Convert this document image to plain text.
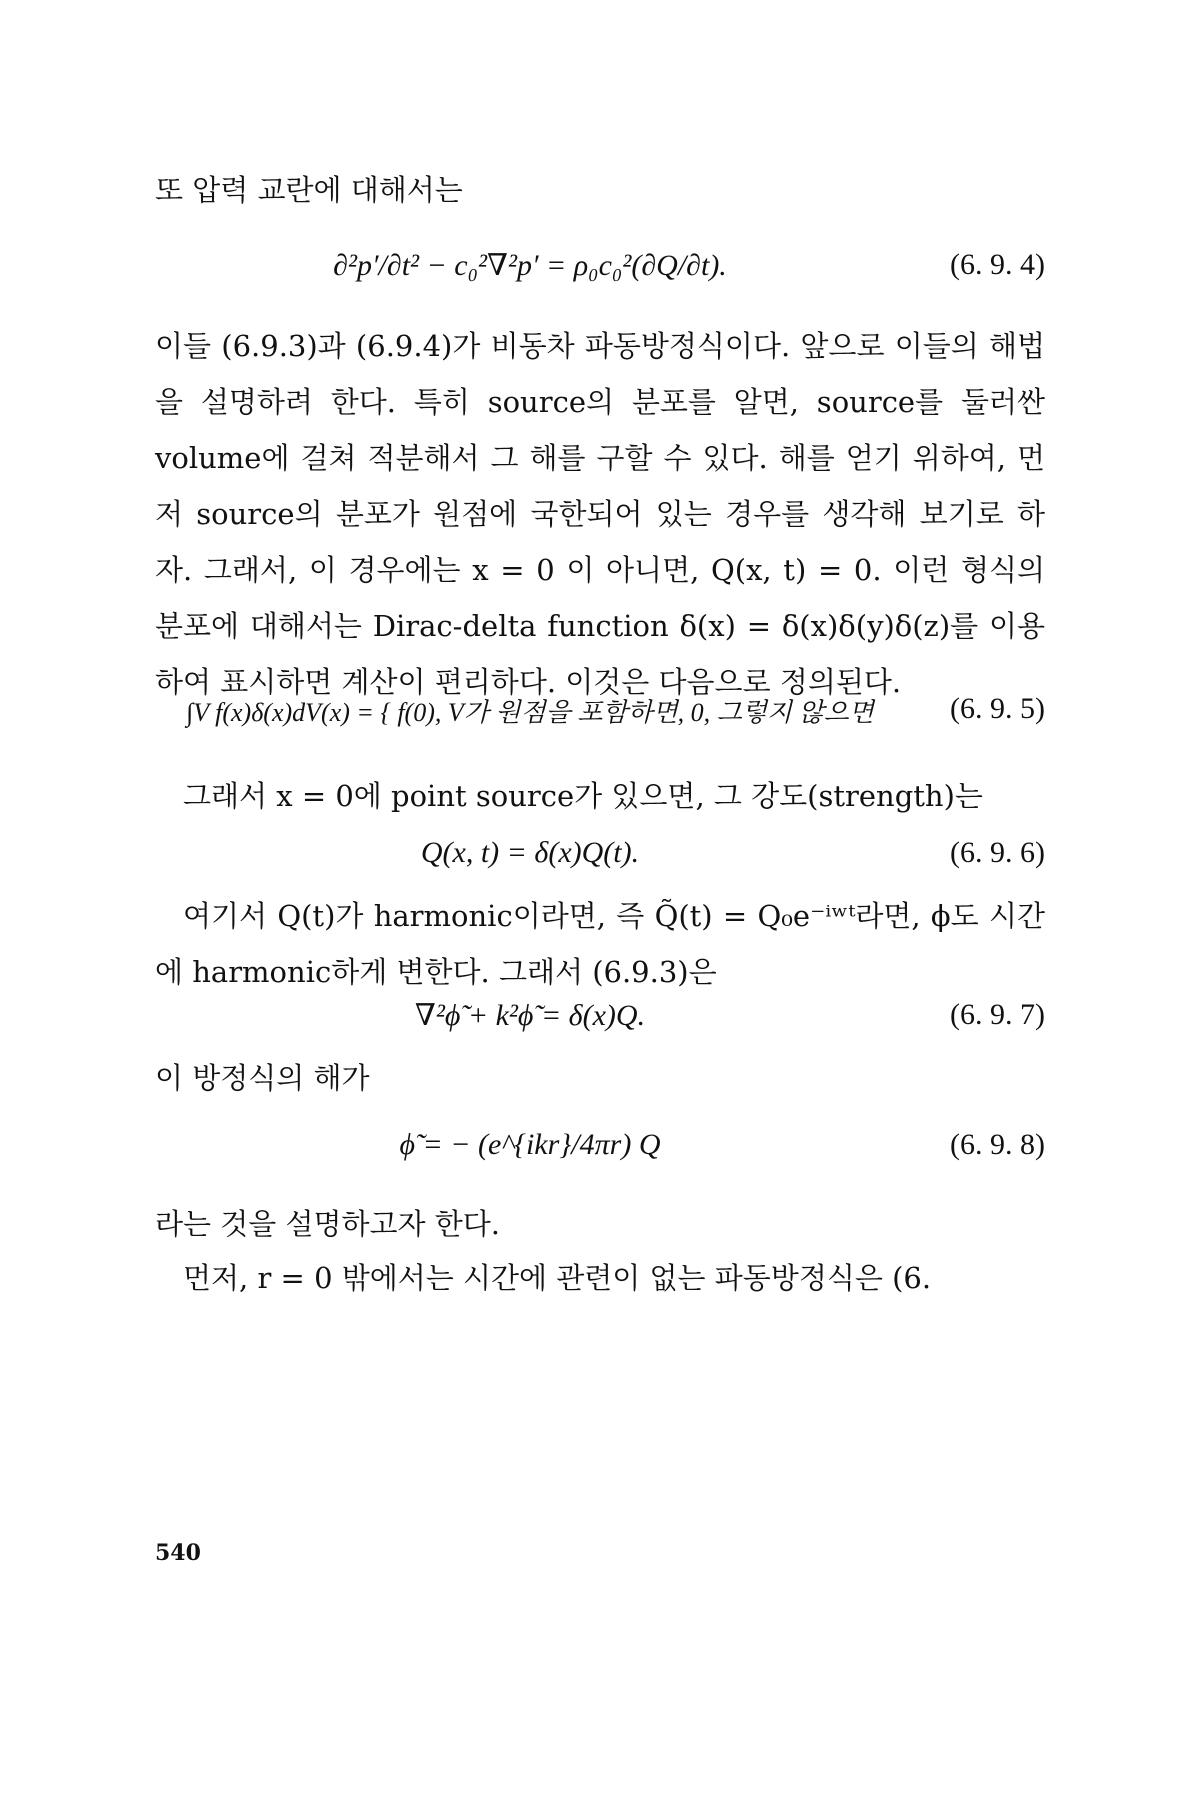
또 압력 교란에 대해서는
∂²p′/∂t² − c₀²∇²p′ = ρ₀c₀²(∂Q/∂t).	(6. 9. 4)
이들 (6.9.3)과 (6.9.4)가 비동차 파동방정식이다. 앞으로 이들의 해법을 설명하려 한다. 특히 source의 분포를 알면, source를 둘러싼 volume에 걸쳐 적분해서 그 해를 구할 수 있다. 해를 얻기 위하여, 먼저 source의 분포가 원점에 국한되어 있는 경우를 생각해 보기로 하자. 그래서, 이 경우에는 x = 0 이 아니면, Q(x, t) = 0. 이런 형식의 분포에 대해서는 Dirac-delta function δ(x) = δ(x)δ(y)δ(z)를 이용하여 표시하면 계산이 편리하다. 이것은 다음으로 정의된다.
∫V f(x)δ(x)dV(x) = { f(0), V가 원점을 포함하면, 0, 그렇지 않으면	(6. 9. 5)
그래서 x = 0에 point source가 있으면, 그 강도(strength)는
Q(x, t) = δ(x)Q(t).	(6. 9. 6)
여기서 Q(t)가 harmonic이라면, 즉 Q̃(t) = Q₀e⁻ⁱʷᵗ라면, ϕ도 시간에 harmonic하게 변한다. 그래서 (6.9.3)은
∇²ϕ̃ + k²ϕ̃ = δ(x)Q.	(6. 9. 7)
이 방정식의 해가
ϕ̃ = − (e^{ikr}/4πr) Q	(6. 9. 8)
라는 것을 설명하고자 한다.
먼저, r = 0 밖에서는 시간에 관련이 없는 파동방정식은 (6.
540
